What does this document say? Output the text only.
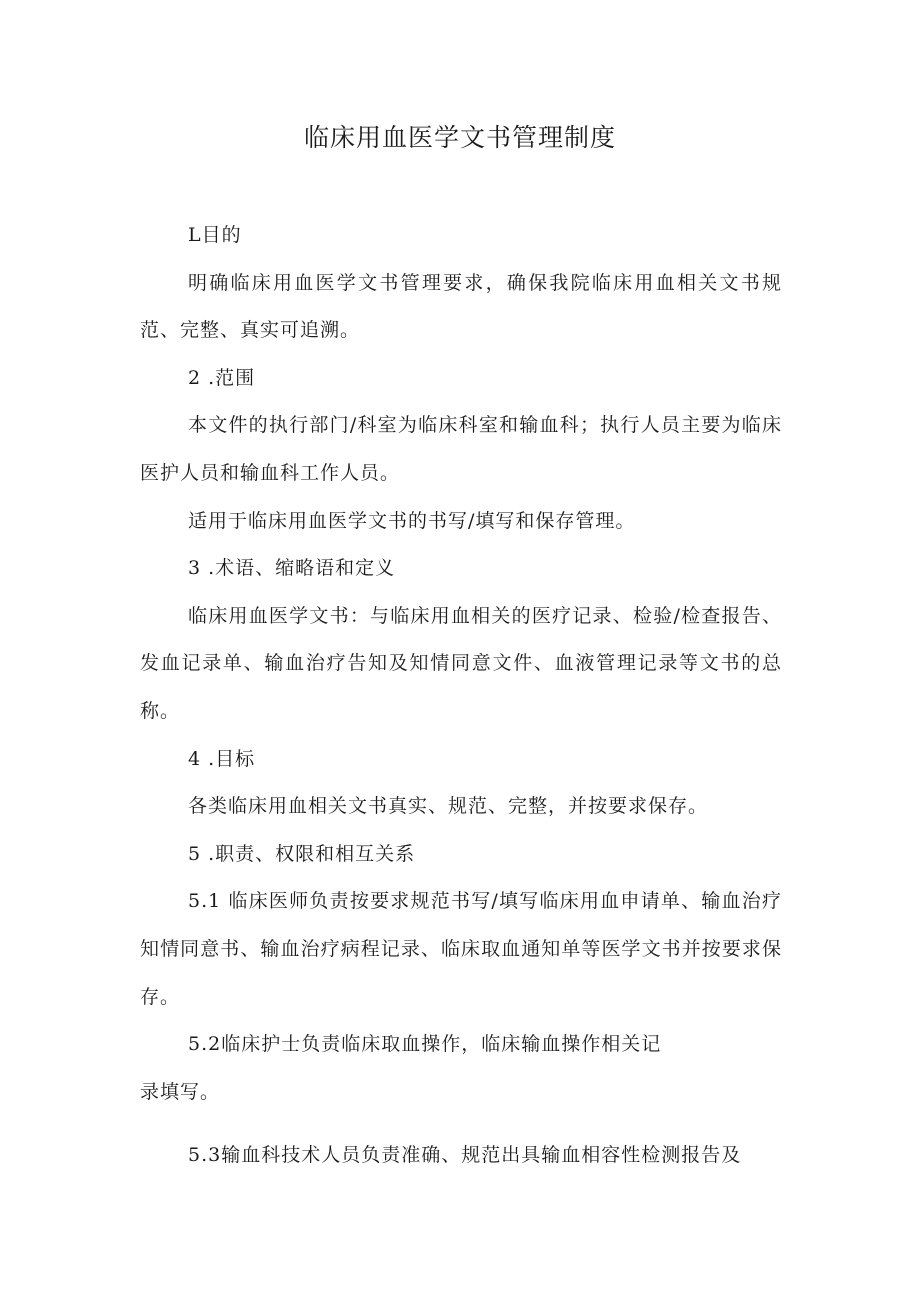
临床用血医学文书管理制度

L目的

明确临床用血医学文书管理要求，确保我院临床用血相关文书规范、完整、真实可追溯。

2 .范围

本文件的执行部门/科室为临床科室和输血科；执行人员主要为临床医护人员和输血科工作人员。

适用于临床用血医学文书的书写/填写和保存管理。

3 .术语、缩略语和定义

临床用血医学文书：与临床用血相关的医疗记录、检验/检查报告、发血记录单、输血治疗告知及知情同意文件、血液管理记录等文书的总称。

4 .目标

各类临床用血相关文书真实、规范、完整，并按要求保存。

5 .职责、权限和相互关系

5.1 临床医师负责按要求规范书写/填写临床用血申请单、输血治疗知情同意书、输血治疗病程记录、临床取血通知单等医学文书并按要求保存。

5.2临床护士负责临床取血操作，临床输血操作相关记

录填写。

5.3输血科技术人员负责准确、规范出具输血相容性检测报告及
